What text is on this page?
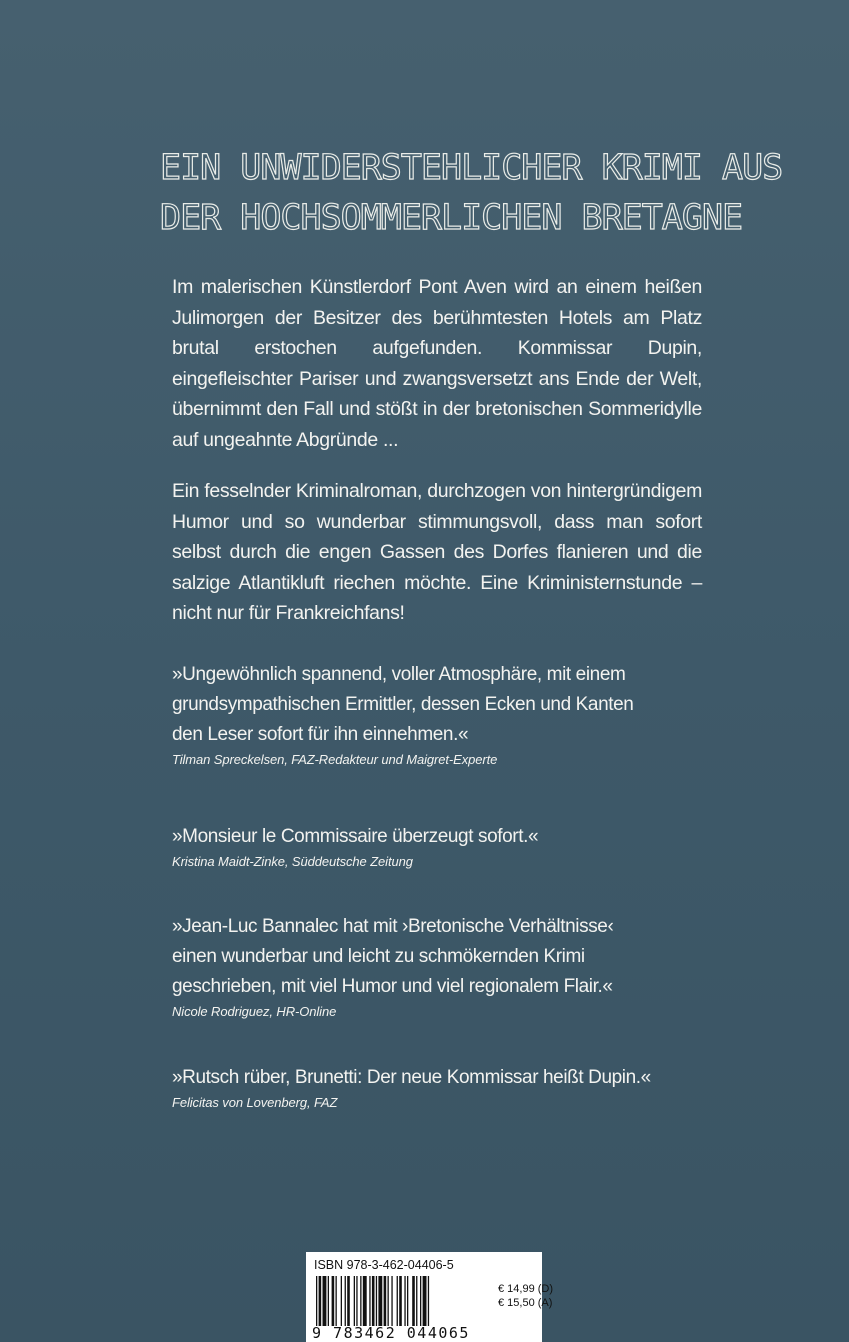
EIN UNWIDERSTEHLICHER KRIMI AUS
DER HOCHSOMMERLICHEN BRETAGNE

Im malerischen Künstlerdorf Pont Aven wird an einem heißen Julimorgen der Besitzer des berühmtesten Hotels am Platz brutal erstochen aufgefunden. Kommissar Dupin, eingefleischter Pariser und zwangsversetzt ans Ende der Welt, übernimmt den Fall und stößt in der bretonischen Sommeridylle auf ungeahnte Abgründe ...

Ein fesselnder Kriminalroman, durchzogen von hintergründigem Humor und so wunderbar stimmungsvoll, dass man sofort selbst durch die engen Gassen des Dorfes flanieren und die salzige Atlantikluft riechen möchte. Eine Kriministernstunde – nicht nur für Frankreichfans!

»Ungewöhnlich spannend, voller Atmosphäre, mit einem
grundsympathischen Ermittler, dessen Ecken und Kanten
den Leser sofort für ihn einnehmen.«
Tilman Spreckelsen, FAZ-Redakteur und Maigret-Experte
»Monsieur le Commissaire überzeugt sofort.«
Kristina Maidt-Zinke, Süddeutsche Zeitung
»Jean-Luc Bannalec hat mit ›Bretonische Verhältnisse‹
einen wunderbar und leicht zu schmökernden Krimi
geschrieben, mit viel Humor und viel regionalem Flair.«
Nicole Rodriguez, HR-Online
»Rutsch rüber, Brunetti: Der neue Kommissar heißt Dupin.«
Felicitas von Lovenberg, FAZ
ISBN 978-3-462-04406-5
9 783462 044065
€ 14,99 (D)
€ 15,50 (A)
